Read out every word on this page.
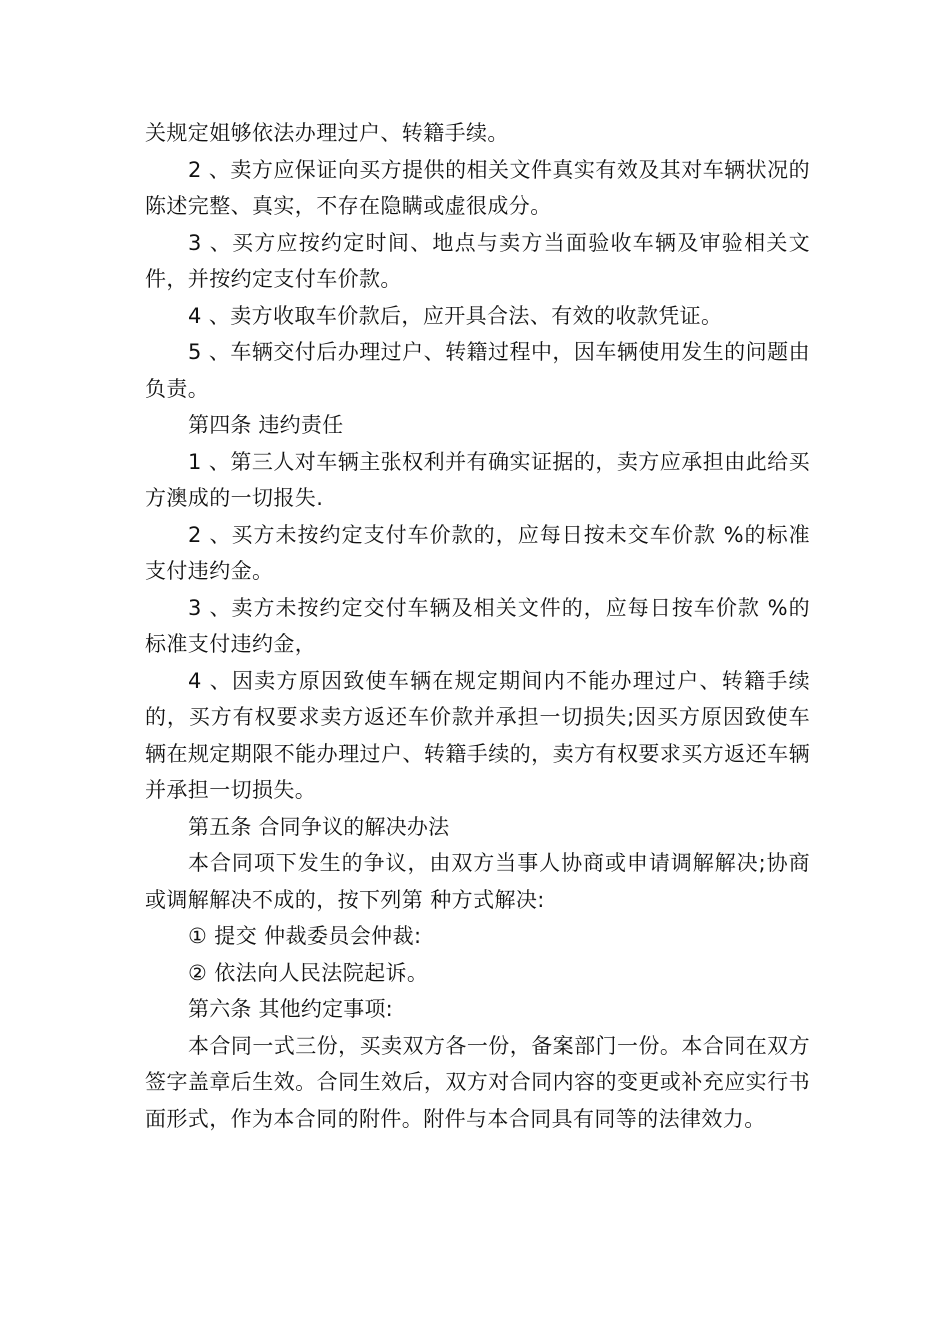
关规定姐够依法办理过户、转籍手续。

2 、卖方应保证向买方提供的相关文件真实有效及其对车辆状况的陈述完整、真实，不存在隐瞒或虚很成分。

3 、买方应按约定时间、地点与卖方当面验收车辆及审验相关文件，并按约定支付车价款。

4 、卖方收取车价款后，应开具合法、有效的收款凭证。

5 、车辆交付后办理过户、转籍过程中，因车辆使用发生的问题由 负责。

第四条 违约责任

1 、第三人对车辆主张权利并有确实证据的，卖方应承担由此给买方澳成的一切报失.

2 、买方未按约定支付车价款的，应每日按未交车价款 %的标准支付违约金。

3 、卖方未按约定交付车辆及相关文件的，应每日按车价款 %的标准支付违约金，

4 、因卖方原因致使车辆在规定期间内不能办理过户、转籍手续的，买方有权要求卖方返还车价款并承担一切损失;因买方原因致使车辆在规定期限不能办理过户、转籍手续的，卖方有权要求买方返还车辆并承担一切损失。

第五条 合同争议的解决办法

本合同项下发生的争议，由双方当事人协商或申请调解解决;协商或调解解决不成的，按下列第 种方式解决:

① 提交 仲裁委员会仲裁:

② 依法向人民法院起诉。

第六条 其他约定事项:

本合同一式三份，买卖双方各一份，备案部门一份。本合同在双方签字盖章后生效。合同生效后，双方对合同内容的变更或补充应实行书面形式，作为本合同的附件。附件与本合同具有同等的法律效力。
